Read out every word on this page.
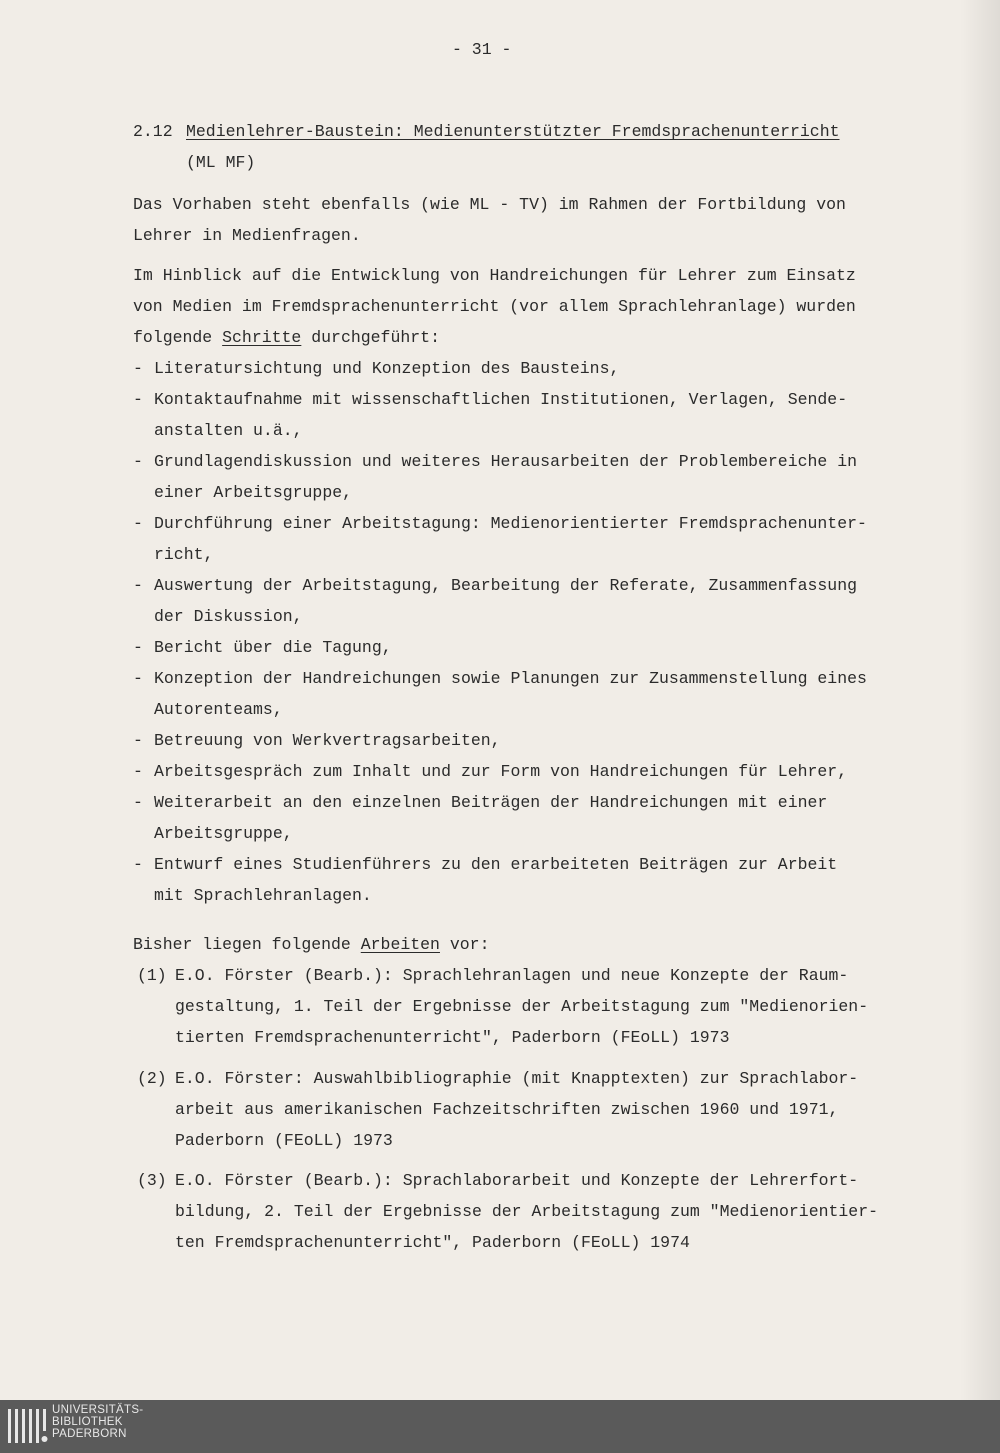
- 31 -
2.12 Medienlehrer-Baustein: Medienunterstützter Fremdsprachenunterricht
(ML MF)
Das Vorhaben steht ebenfalls (wie ML - TV) im Rahmen der Fortbildung von
Lehrer in Medienfragen.
Im Hinblick auf die Entwicklung von Handreichungen für Lehrer zum Einsatz
von Medien im Fremdsprachenunterricht (vor allem Sprachlehranlage) wurden
folgende Schritte durchgeführt:
- Literatursichtung und Konzeption des Bausteins,
- Kontaktaufnahme mit wissenschaftlichen Institutionen, Verlagen, Sende-
anstalten u.ä.,
- Grundlagendiskussion und weiteres Herausarbeiten der Problembereiche in
einer Arbeitsgruppe,
- Durchführung einer Arbeitstagung: Medienorientierter Fremdsprachenunter-
richt,
- Auswertung der Arbeitstagung, Bearbeitung der Referate, Zusammenfassung
der Diskussion,
- Bericht über die Tagung,
- Konzeption der Handreichungen sowie Planungen zur Zusammenstellung eines
Autorenteams,
- Betreuung von Werkvertragsarbeiten,
- Arbeitsgespräch zum Inhalt und zur Form von Handreichungen für Lehrer,
- Weiterarbeit an den einzelnen Beiträgen der Handreichungen mit einer
Arbeitsgruppe,
- Entwurf eines Studienführers zu den erarbeiteten Beiträgen zur Arbeit
mit Sprachlehranlagen.
Bisher liegen folgende Arbeiten vor:
(1) E.O. Förster (Bearb.): Sprachlehranlagen und neue Konzepte der Raum-
gestaltung, 1. Teil der Ergebnisse der Arbeitstagung zum "Medienorien-
tierten Fremdsprachenunterricht", Paderborn (FEoLL) 1973
(2) E.O. Förster: Auswahlbibliographie (mit Knapptexten) zur Sprachlabor-
arbeit aus amerikanischen Fachzeitschriften zwischen 1960 und 1971,
Paderborn (FEoLL) 1973
(3) E.O. Förster (Bearb.): Sprachlaborarbeit und Konzepte der Lehrerfort-
bildung, 2. Teil der Ergebnisse der Arbeitstagung zum "Medienorientier-
ten Fremdsprachenunterricht", Paderborn (FEoLL) 1974
UNIVERSITÄTS-
BIBLIOTHEK
PADERBORN
